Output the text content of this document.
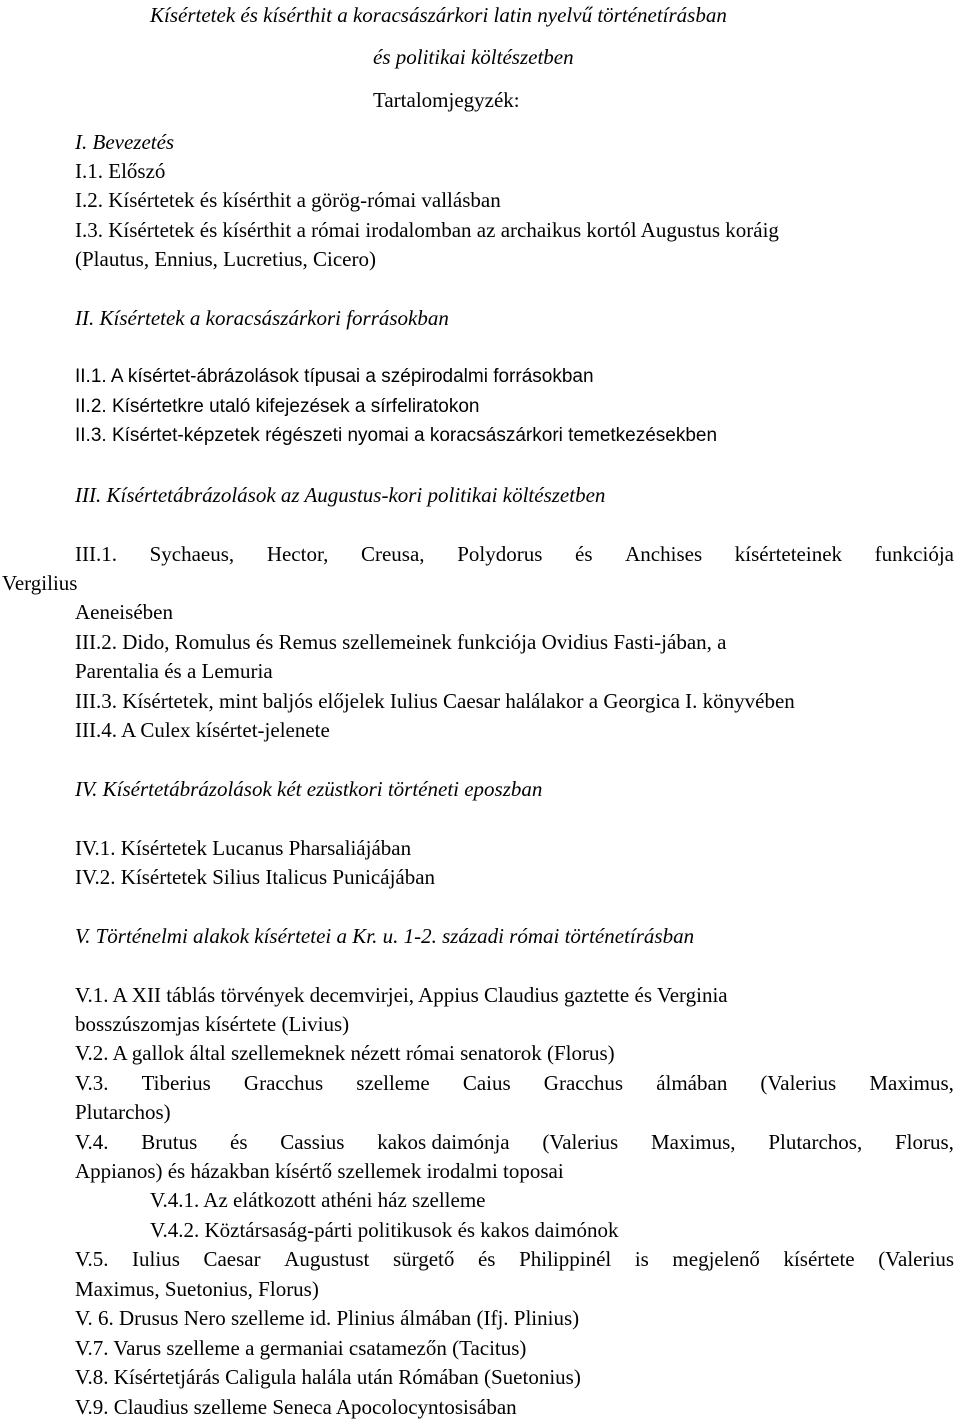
Kísértetek és kísérthit a koracsászárkori latin nyelvű történetírásban
és politikai költészetben
Tartalomjegyzék:
I. Bevezetés
I.1. Előszó
I.2. Kísértetek és kísérthit a görög-római vallásban
I.3. Kísértetek és kísérthit a római irodalomban az archaikus kortól Augustus koráig
(Plautus, Ennius, Lucretius, Cicero)
II. Kísértetek a koracsászárkori forrásokban
II.1. A kísértet-ábrázolások típusai a szépirodalmi forrásokban
II.2. Kísértetkre utaló kifejezések a sírfeliratokon
II.3. Kísértet-képzetek régészeti nyomai a koracsászárkori temetkezésekben
III. Kísértetábrázolások az Augustus-kori politikai költészetben
III.1. Sychaeus, Hector, Creusa, Polydorus és Anchises kísérteteinek funkciója
Vergilius
Aeneisében
III.2. Dido, Romulus és Remus szellemeinek funkciója Ovidius Fasti-jában, a
Parentalia és a Lemuria
III.3. Kísértetek, mint baljós előjelek Iulius Caesar halálakor a Georgica I. könyvében
III.4. A Culex kísértet-jelenete
IV. Kísértetábrázolások két ezüstkori történeti eposzban
IV.1. Kísértetek Lucanus Pharsaliájában
IV.2. Kísértetek Silius Italicus Punicájában
V. Történelmi alakok kísértetei a Kr. u. 1-2. századi római történetírásban
V.1. A XII táblás törvények decemvirjei, Appius Claudius gaztette és Verginia
bosszúszomjas kísértete (Livius)
V.2. A gallok által szellemeknek nézett római senatorok (Florus)
V.3. Tiberius Gracchus szelleme Caius Gracchus álmában (Valerius Maximus,
Plutarchos)
V.4. Brutus és Cassius kakos daimónja (Valerius Maximus, Plutarchos, Florus,
Appianos) és házakban kísértő szellemek irodalmi toposai
V.4.1. Az elátkozott athéni ház szelleme
V.4.2. Köztársaság-párti politikusok és kakos daimónok
V.5. Iulius Caesar Augustust sürgető és Philippinél is megjelenő kísértete (Valerius
Maximus, Suetonius, Florus)
V. 6. Drusus Nero szelleme id. Plinius álmában (Ifj. Plinius)
V.7. Varus szelleme a germaniai csatamezőn (Tacitus)
V.8. Kísértetjárás Caligula halála után Rómában (Suetonius)
V.9. Claudius szelleme Seneca Apocolocyntosisában
